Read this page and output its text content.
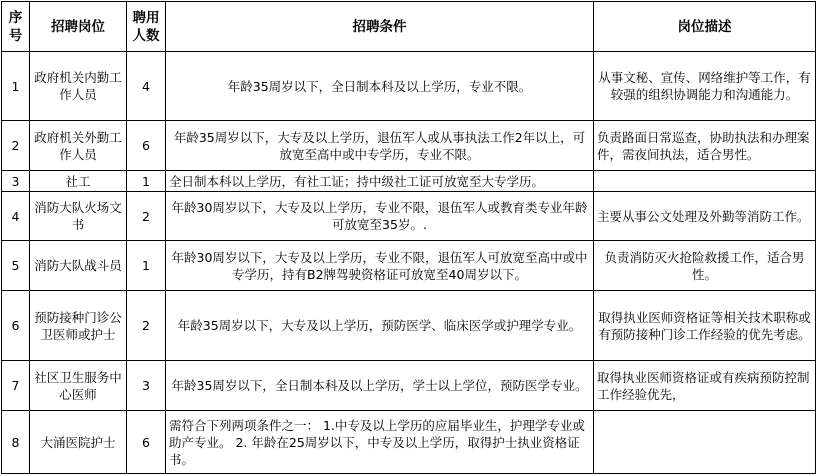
序号	招聘岗位	聘用人数	招聘条件	岗位描述
1	政府机关内勤工作人员	4	年龄35周岁以下，全日制本科及以上学历，专业不限。	从事文秘、宣传、网络维护等工作，有较强的组织协调能力和沟通能力。
2	政府机关外勤工作人员	6	年龄35周岁以下，大专及以上学历，退伍军人或从事执法工作2年以上，可放宽至高中或中专学历，专业不限。	负责路面日常巡查，协助执法和办理案件，需夜间执法，适合男性。
3	社工	1	全日制本科以上学历，有社工证；持中级社工证可放宽至大专学历。	
4	消防大队火场文书	2	年龄30周岁以下，大专及以上学历，专业不限，退伍军人或教育类专业年龄可放宽至35岁。.	主要从事公文处理及外勤等消防工作。
5	消防大队战斗员	1	年龄30周岁以下，大专及以上学历，专业不限，退伍军人可放宽至高中或中专学历，持有B2牌驾驶资格证可放宽至40周岁以下。	负责消防灭火抢险救援工作，适合男性。
6	预防接种门诊公卫医师或护士	2	年龄35周岁以下，大专及以上学历，预防医学、临床医学或护理学专业。	取得执业医师资格证等相关技术职称或有预防接种门诊工作经验的优先考虑。
7	社区卫生服务中心医师	3	年龄35周岁以下，全日制本科及以上学历，学士以上学位，预防医学专业。	取得执业医师资格证或有疾病预防控制工作经验优先，
8	大涌医院护士	6	需符合下列两项条件之一： 1.中专及以上学历的应届毕业生，护理学专业或助产专业。 2. 年龄在25周岁以下，中专及以上学历，取得护士执业资格证书。	
